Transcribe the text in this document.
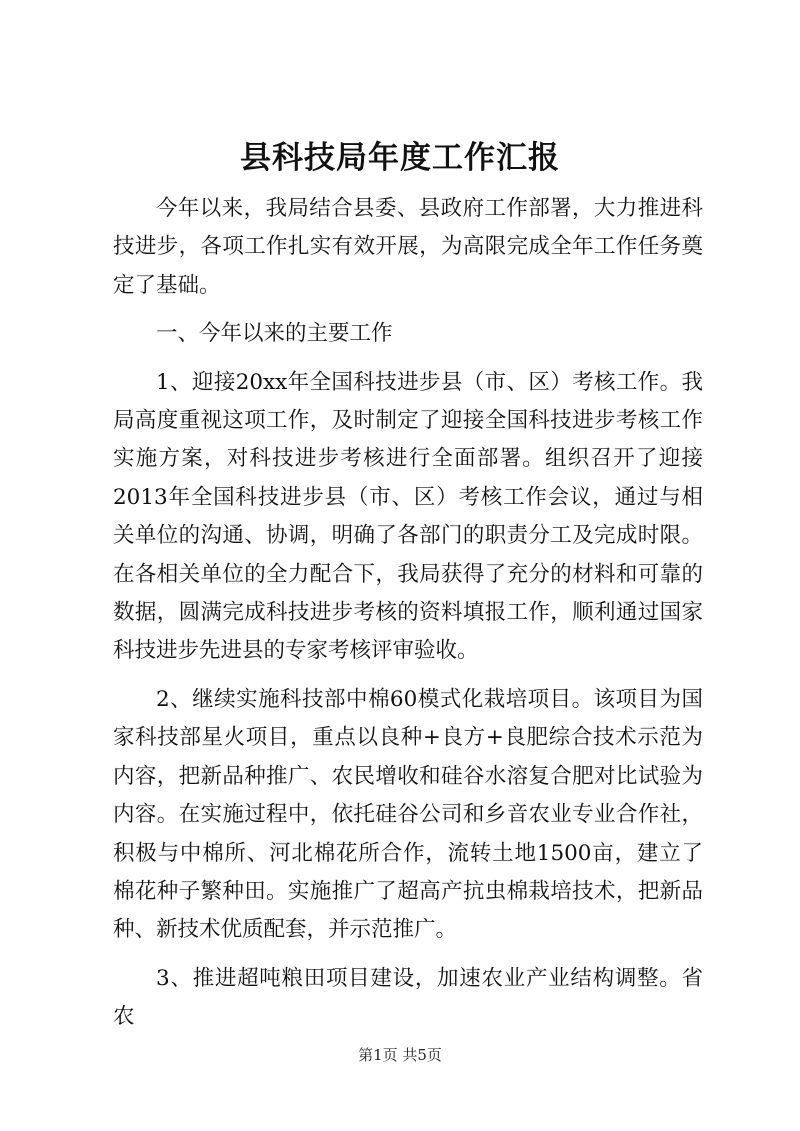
县科技局年度工作汇报

今年以来，我局结合县委、县政府工作部署，大力推进科技进步，各项工作扎实有效开展，为高限完成全年工作任务奠定了基础。

一、今年以来的主要工作

1、迎接20xx年全国科技进步县（市、区）考核工作。我局高度重视这项工作，及时制定了迎接全国科技进步考核工作实施方案，对科技进步考核进行全面部署。组织召开了迎接2013年全国科技进步县（市、区）考核工作会议，通过与相关单位的沟通、协调，明确了各部门的职责分工及完成时限。在各相关单位的全力配合下，我局获得了充分的材料和可靠的数据，圆满完成科技进步考核的资料填报工作，顺利通过国家科技进步先进县的专家考核评审验收。

2、继续实施科技部中棉60模式化栽培项目。该项目为国家科技部星火项目，重点以良种+良方+良肥综合技术示范为内容，把新品种推广、农民增收和硅谷水溶复合肥对比试验为内容。在实施过程中，依托硅谷公司和乡音农业专业合作社，积极与中棉所、河北棉花所合作，流转土地1500亩，建立了棉花种子繁种田。实施推广了超高产抗虫棉栽培技术，把新品种、新技术优质配套，并示范推广。

3、推进超吨粮田项目建设，加速农业产业结构调整。省农

第1页 共5页
